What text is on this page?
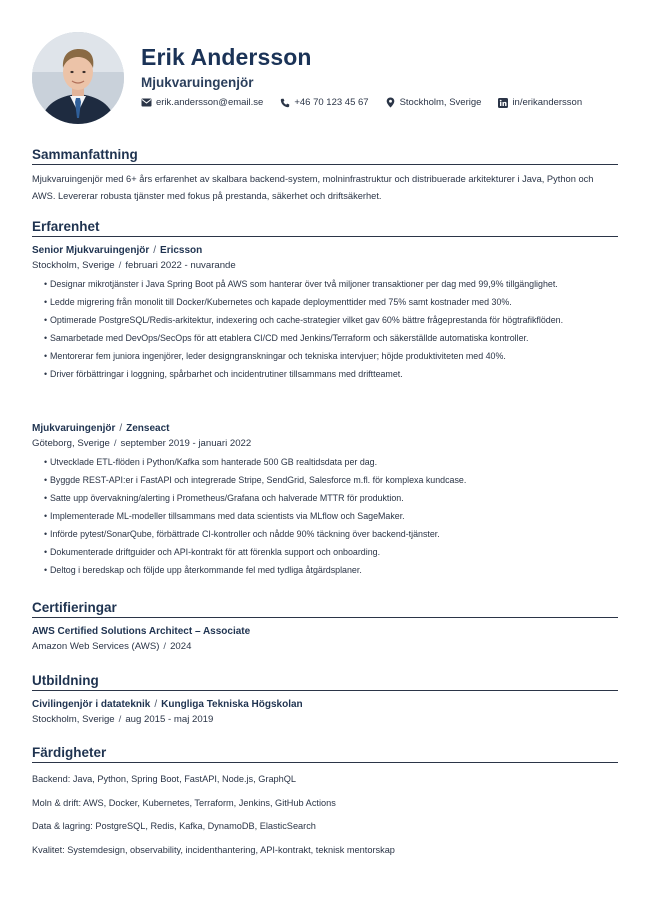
Erik Andersson
Mjukvaruingenjör
erik.andersson@email.se	+46 70 123 45 67	Stockholm, Sverige	in/erikandersson
Sammanfattning
Mjukvaruingenjör med 6+ års erfarenhet av skalbara backend-system, molninfrastruktur och distribuerade arkitekturer i Java, Python och AWS. Levererar robusta tjänster med fokus på prestanda, säkerhet och driftsäkerhet.
Erfarenhet
Senior Mjukvaruingenjör / Ericsson
Stockholm, Sverige / februari 2022 - nuvarande
• Designar mikrotjänster i Java Spring Boot på AWS som hanterar över två miljoner transaktioner per dag med 99,9% tillgänglighet.
• Ledde migrering från monolit till Docker/Kubernetes och kapade deploymenttider med 75% samt kostnader med 30%.
• Optimerade PostgreSQL/Redis-arkitektur, indexering och cache-strategier vilket gav 60% bättre frågeprestanda för högtrafikflöden.
• Samarbetade med DevOps/SecOps för att etablera CI/CD med Jenkins/Terraform och säkerställde automatiska kontroller.
• Mentorerar fem juniora ingenjörer, leder designgranskningar och tekniska intervjuer; höjde produktiviteten med 40%.
• Driver förbättringar i loggning, spårbarhet och incidentrutiner tillsammans med driftteamet.
Mjukvaruingenjör / Zenseact
Göteborg, Sverige / september 2019 - januari 2022
• Utvecklade ETL-flöden i Python/Kafka som hanterade 500 GB realtidsdata per dag.
• Byggde REST-API:er i FastAPI och integrerade Stripe, SendGrid, Salesforce m.fl. för komplexa kundcase.
• Satte upp övervakning/alerting i Prometheus/Grafana och halverade MTTR för produktion.
• Implementerade ML-modeller tillsammans med data scientists via MLflow och SageMaker.
• Införde pytest/SonarQube, förbättrade CI-kontroller och nådde 90% täckning över backend-tjänster.
• Dokumenterade driftguider och API-kontrakt för att förenkla support och onboarding.
• Deltog i beredskap och följde upp återkommande fel med tydliga åtgärdsplaner.
Certifieringar
AWS Certified Solutions Architect – Associate
Amazon Web Services (AWS) / 2024
Utbildning
Civilingenjör i datateknik / Kungliga Tekniska Högskolan
Stockholm, Sverige / aug 2015 - maj 2019
Färdigheter
Backend: Java, Python, Spring Boot, FastAPI, Node.js, GraphQL
Moln & drift: AWS, Docker, Kubernetes, Terraform, Jenkins, GitHub Actions
Data & lagring: PostgreSQL, Redis, Kafka, DynamoDB, ElasticSearch
Kvalitet: Systemdesign, observability, incidenthantering, API-kontrakt, teknisk mentorskap
